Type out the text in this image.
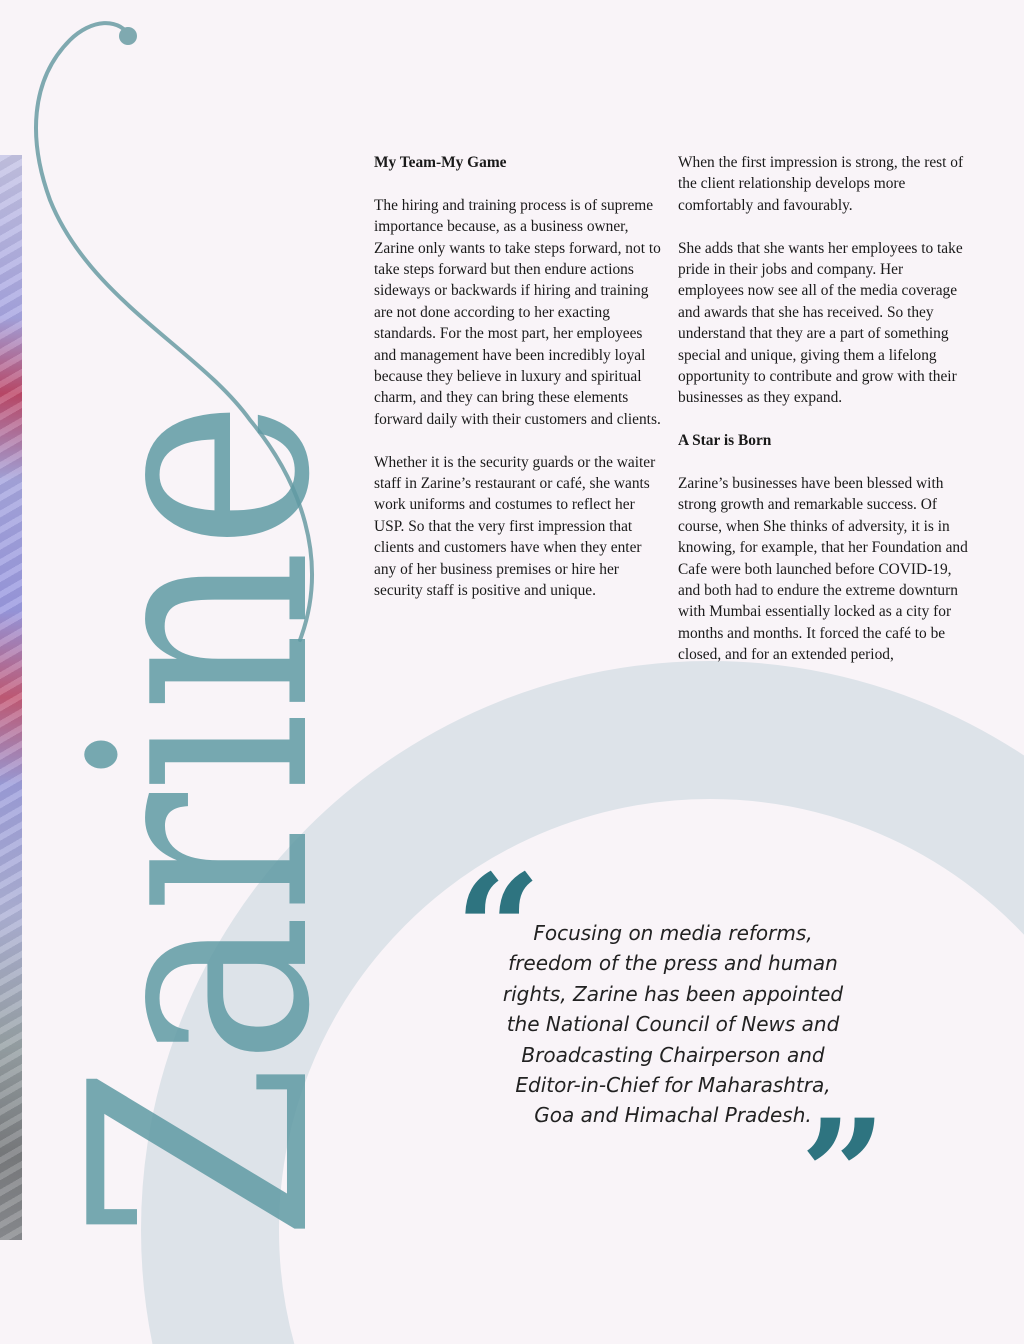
Zarine
My Team-My Game

The hiring and training process is of supreme importance because, as a business owner, Zarine only wants to take steps forward, not to take steps forward but then endure actions sideways or backwards if hiring and training are not done according to her exacting standards. For the most part, her employees and management have been incredibly loyal because they believe in luxury and spiritual charm, and they can bring these elements forward daily with their customers and clients.

Whether it is the security guards or the waiter staff in Zarine’s restaurant or café, she wants work uniforms and costumes to reflect her USP. So that the very first impression that clients and customers have when they enter any of her business premises or hire her security staff is positive and unique.

When the first impression is strong, the rest of the client relationship develops more comfortably and favourably.

She adds that she wants her employees to take pride in their jobs and company. Her employees now see all of the media coverage and awards that she has received. So they understand that they are a part of something special and unique, giving them a lifelong opportunity to contribute and grow with their businesses as they expand.

A Star is Born

Zarine’s businesses have been blessed with strong growth and remarkable success. Of course, when She thinks of adversity, it is in knowing, for example, that her Foundation and Cafe were both launched before COVID-19, and both had to endure the extreme downturn with Mumbai essentially locked as a city for months and months. It forced the café to be closed, and for an extended period,

“
Focusing on media reforms, freedom of the press and human rights, Zarine has been appointed the National Council of News and Broadcasting Chairperson and Editor-in-Chief for Maharashtra, Goa and Himachal Pradesh.
”
